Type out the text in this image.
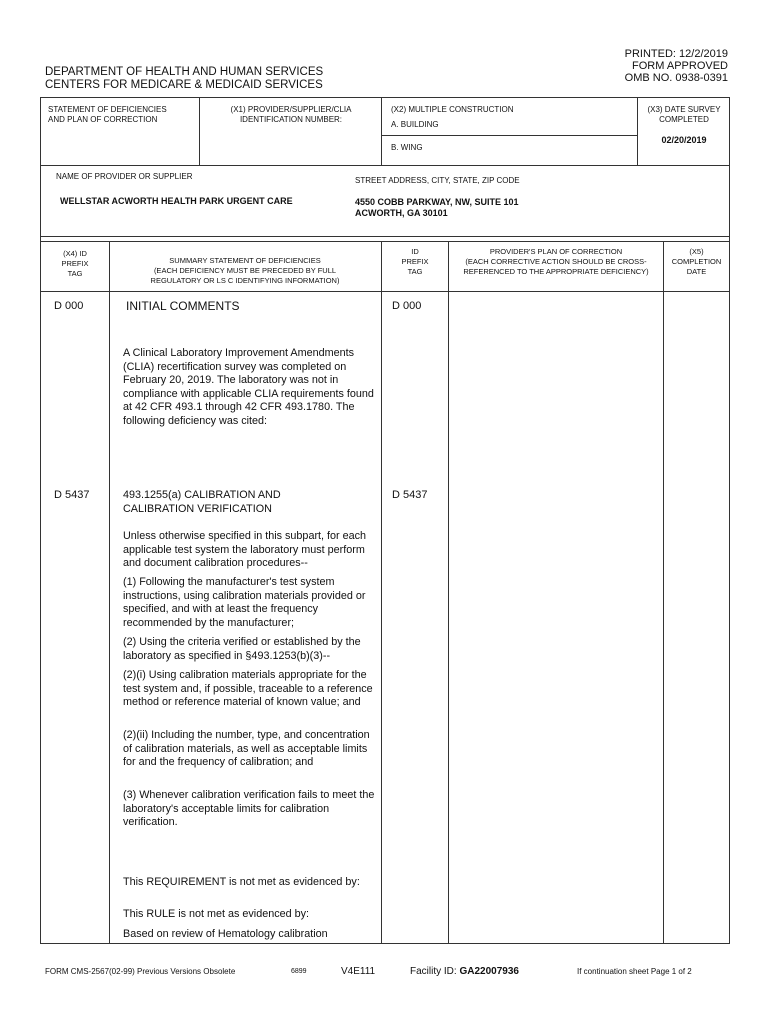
PRINTED: 12/2/2019
FORM APPROVED
OMB NO. 0938-0391
DEPARTMENT OF HEALTH AND HUMAN SERVICES
CENTERS FOR MEDICARE & MEDICAID SERVICES
STATEMENT OF DEFICIENCIES
AND PLAN OF CORRECTION
(X1) PROVIDER/SUPPLIER/CLIA
IDENTIFICATION NUMBER:
(X2) MULTIPLE CONSTRUCTION
A. BUILDING
B. WING
(X3) DATE SURVEY
COMPLETED
02/20/2019
NAME OF PROVIDER OR SUPPLIER
WELLSTAR ACWORTH HEALTH PARK URGENT CARE
STREET ADDRESS, CITY, STATE, ZIP CODE
4550 COBB PARKWAY, NW, SUITE 101
ACWORTH, GA 30101
(X4) ID
PREFIX
TAG
SUMMARY STATEMENT OF DEFICIENCIES
(EACH DEFICIENCY MUST BE PRECEDED BY FULL
REGULATORY OR LS C IDENTIFYING INFORMATION)
ID
PREFIX
TAG
PROVIDER'S PLAN OF CORRECTION
(EACH CORRECTIVE ACTION SHOULD BE CROSS-
REFERENCED TO THE APPROPRIATE DEFICIENCY)
(X5)
COMPLETION
DATE
D 000	D 000
INITIAL COMMENTS
A Clinical Laboratory Improvement Amendments (CLIA) recertification survey was completed on February 20, 2019. The laboratory was not in compliance with applicable CLIA requirements found at 42 CFR 493.1 through 42 CFR 493.1780. The following deficiency was cited:
D 5437	D 5437
493.1255(a) CALIBRATION AND CALIBRATION VERIFICATION
Unless otherwise specified in this subpart, for each applicable test system the laboratory must perform and document calibration procedures--
(1) Following the manufacturer's test system instructions, using calibration materials provided or specified, and with at least the frequency recommended by the manufacturer;
(2) Using the criteria verified or established by the laboratory as specified in §493.1253(b)(3)--
(2)(i) Using calibration materials appropriate for the test system and, if possible, traceable to a reference method or reference material of known value; and
(2)(ii) Including the number, type, and concentration of calibration materials, as well as acceptable limits for and the frequency of calibration; and
(3) Whenever calibration verification fails to meet the laboratory's acceptable limits for calibration verification.
This REQUIREMENT is not met as evidenced by:
This RULE is not met as evidenced by:
Based on review of Hematology calibration
FORM CMS-2567(02-99) Previous Versions Obsolete	6899	V4E111	Facility ID: GA22007936	If continuation sheet Page 1 of 2
